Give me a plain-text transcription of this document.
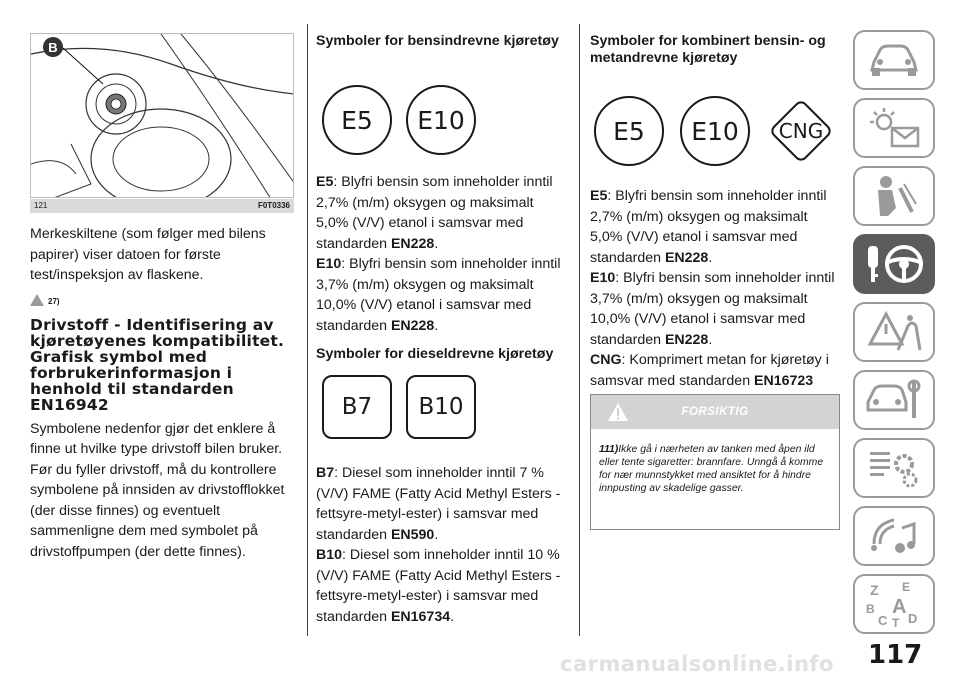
B
121	F0T0336

Merkeskiltene (som følger med bilens papirer) viser datoen for første test/inspeksjon av flaskene.

27)
Drivstoff - Identifisering av kjøretøyenes kompatibilitet. Grafisk symbol med forbrukerinformasjon i henhold til standarden EN16942

Symbolene nedenfor gjør det enklere å finne ut hvilke type drivstoff bilen bruker. Før du fyller drivstoff, må du kontrollere symbolene på innsiden av drivstofflokket (der disse finnes) og eventuelt sammenligne dem med symbolet på drivstoffpumpen (der dette finnes).

Symboler for bensindrevne kjøretøy
E5 E10

E5: Blyfri bensin som inneholder inntil 2,7% (m/m) oksygen og maksimalt 5,0% (V/V) etanol i samsvar med standarden EN228.

E10: Blyfri bensin som inneholder inntil 3,7% (m/m) oksygen og maksimalt 10,0% (V/V) etanol i samsvar med standarden EN228.

Symboler for dieseldrevne kjøretøy
B7 B10

B7: Diesel som inneholder inntil 7 % (V/V) FAME (Fatty Acid Methyl Esters - fettsyre-metyl-ester) i samsvar med standarden EN590.

B10: Diesel som inneholder inntil 10 % (V/V) FAME (Fatty Acid Methyl Esters - fettsyre-metyl-ester) i samsvar med standarden EN16734.

Symboler for kombinert bensin- og metandrevne kjøretøy
E5 E10	CNG

E5: Blyfri bensin som inneholder inntil 2,7% (m/m) oksygen og maksimalt 5,0% (V/V) etanol i samsvar med standarden EN228.

E10: Blyfri bensin som inneholder inntil 3,7% (m/m) oksygen og maksimalt 10,0% (V/V) etanol i samsvar med standarden EN228.

CNG: Komprimert metan for kjøretøy i samsvar med standarden EN16723

FORSIKTIG
111)Ikke gå i nærheten av tanken med åpen ild eller tente sigaretter: brannfare. Unngå å komme for nær munnstykket med ansiktet for å hindre innpusting av skadelige gasser.
Z E
B A
C T D
117
carmanualsonline.info
